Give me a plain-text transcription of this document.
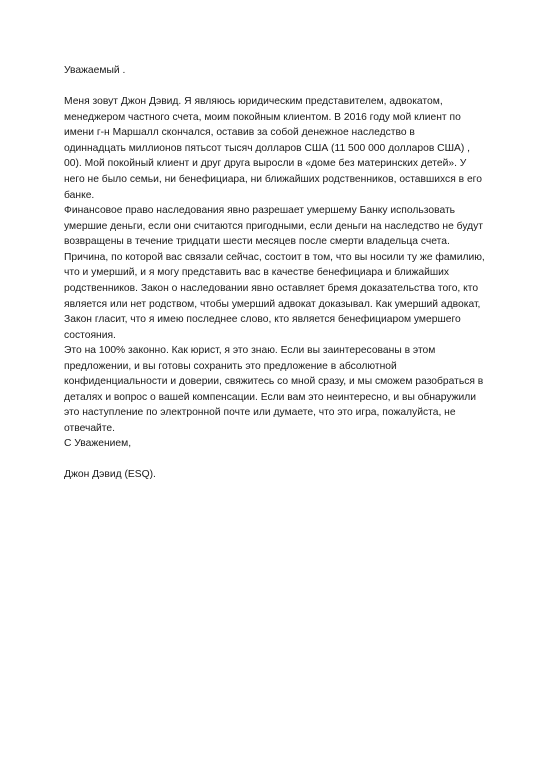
Уважаемый .

Меня зовут Джон Дэвид. Я являюсь юридическим представителем, адвокатом,
менеджером частного счета, моим покойным клиентом. В 2016 году мой клиент по
имени г-н Маршалл скончался, оставив за собой денежное наследство в
одиннадцать миллионов пятьсот тысяч долларов США (11 500 000 долларов США) ,
00). Мой покойный клиент и друг друга выросли в «доме без материнских детей». У
него не было семьи, ни бенефициара, ни ближайших родственников, оставшихся в его
банке.

Финансовое право наследования явно разрешает умершему Банку использовать
умершие деньги, если они считаются пригодными, если деньги на наследство не будут
возвращены в течение тридцати шести месяцев после смерти владельца счета.
Причина, по которой вас связали сейчас, состоит в том, что вы носили ту же фамилию,
что и умерший, и я могу представить вас в качестве бенефициара и ближайших
родственников. Закон о наследовании явно оставляет бремя доказательства того, кто
является или нет родством, чтобы умерший адвокат доказывал. Как умерший адвокат,
Закон гласит, что я имею последнее слово, кто является бенефициаром умершего
состояния.

Это на 100% законно. Как юрист, я это знаю. Если вы заинтересованы в этом
предложении, и вы готовы сохранить это предложение в абсолютной
конфиденциальности и доверии, свяжитесь со мной сразу, и мы сможем разобраться в
деталях и вопрос о вашей компенсации. Если вам это неинтересно, и вы обнаружили
это наступление по электронной почте или думаете, что это игра, пожалуйста, не
отвечайте.

С Уважением,

Джон Дэвид (ESQ).
